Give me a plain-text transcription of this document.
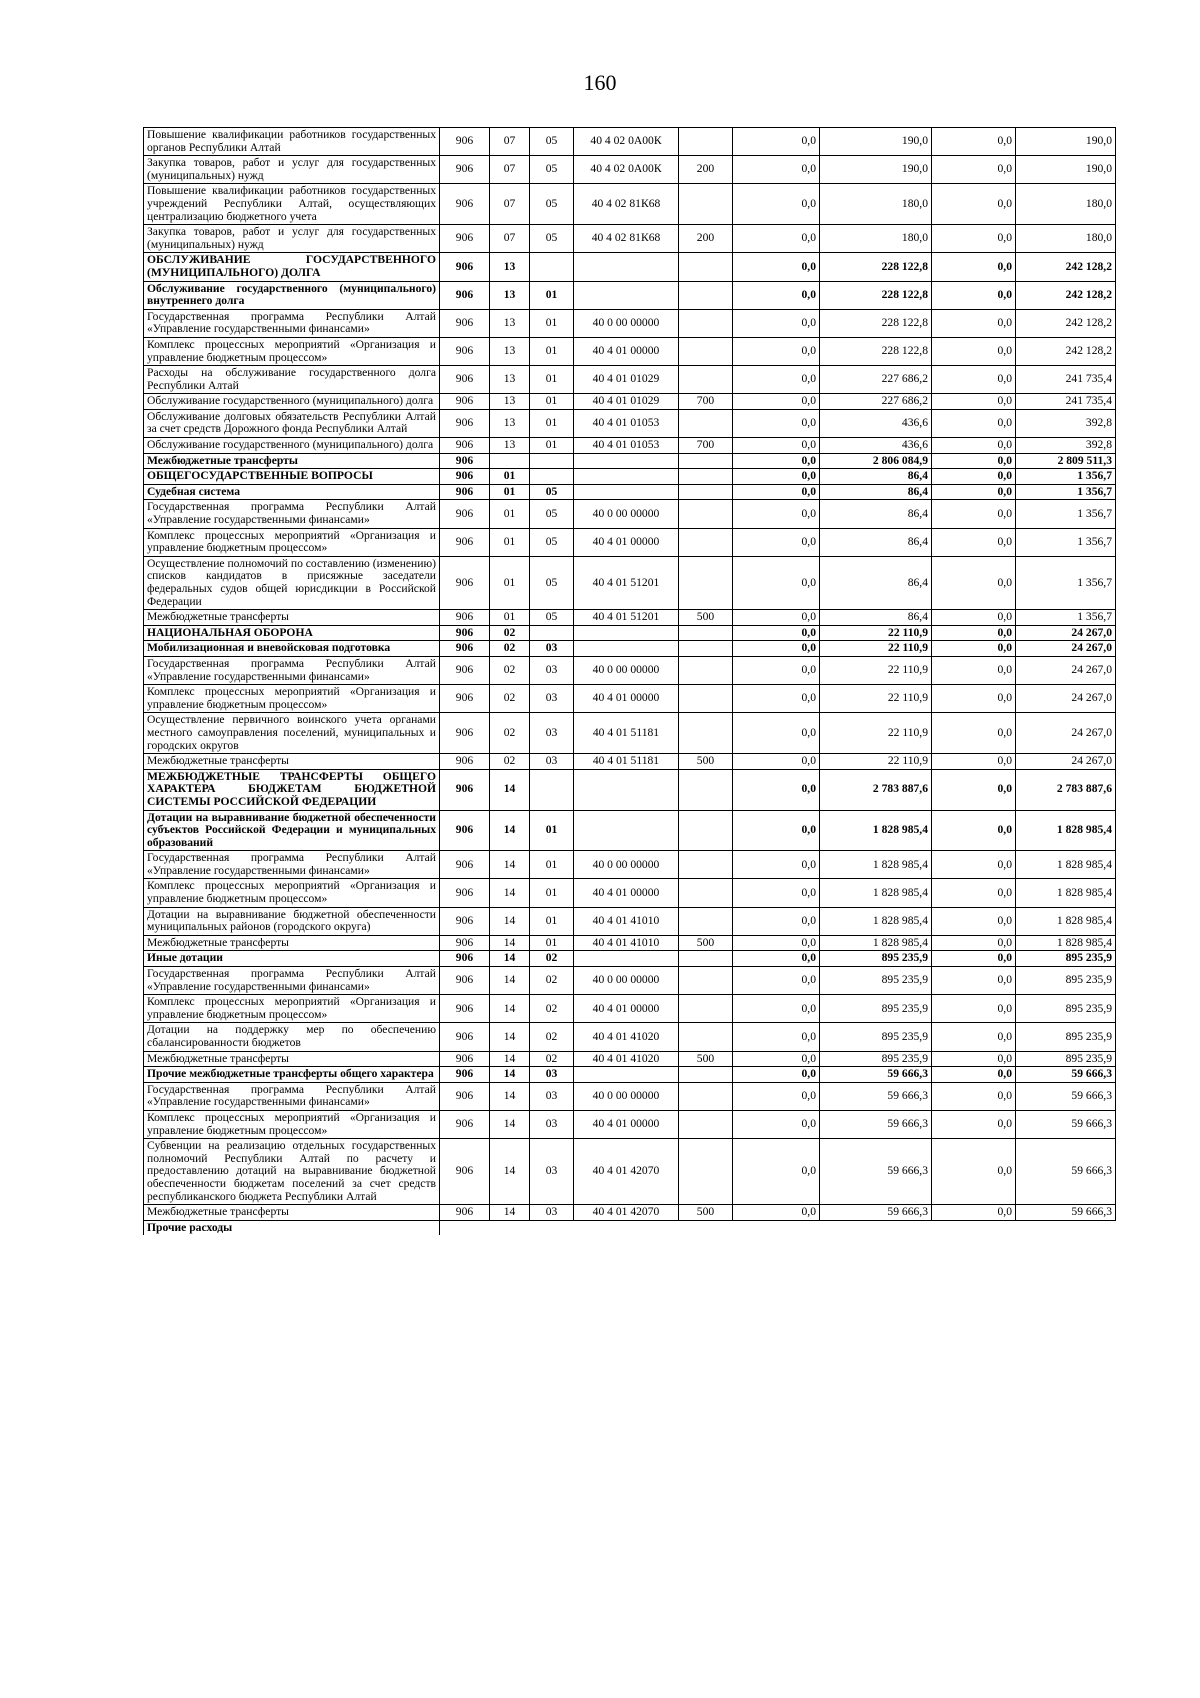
160
Повышение квалификации работников государственных органов Республики Алтай	906	07	05	40 4 02 0А00К		0,0	190,0	0,0	190,0
Закупка товаров, работ и услуг для государственных (муниципальных) нужд	906	07	05	40 4 02 0А00К	200	0,0	190,0	0,0	190,0
Повышение квалификации работников государственных учреждений Республики Алтай, осуществляющих централизацию бюджетного учета	906	07	05	40 4 02 81К68		0,0	180,0	0,0	180,0
Закупка товаров, работ и услуг для государственных (муниципальных) нужд	906	07	05	40 4 02 81К68	200	0,0	180,0	0,0	180,0
ОБСЛУЖИВАНИЕ ГОСУДАРСТВЕННОГО (МУНИЦИПАЛЬНОГО) ДОЛГА	906	13				0,0	228 122,8	0,0	242 128,2
Обслуживание государственного (муниципального) внутреннего долга	906	13	01			0,0	228 122,8	0,0	242 128,2
Государственная программа Республики Алтай «Управление государственными финансами»	906	13	01	40 0 00 00000		0,0	228 122,8	0,0	242 128,2
Комплекс процессных мероприятий «Организация и управление бюджетным процессом»	906	13	01	40 4 01 00000		0,0	228 122,8	0,0	242 128,2
Расходы на обслуживание государственного долга Республики Алтай	906	13	01	40 4 01 01029		0,0	227 686,2	0,0	241 735,4
Обслуживание государственного (муниципального) долга	906	13	01	40 4 01 01029	700	0,0	227 686,2	0,0	241 735,4
Обслуживание долговых обязательств Республики Алтай за счет средств Дорожного фонда Республики Алтай	906	13	01	40 4 01 01053		0,0	436,6	0,0	392,8
Обслуживание государственного (муниципального) долга	906	13	01	40 4 01 01053	700	0,0	436,6	0,0	392,8
Межбюджетные трансферты	906					0,0	2 806 084,9	0,0	2 809 511,3
ОБЩЕГОСУДАРСТВЕННЫЕ ВОПРОСЫ	906	01				0,0	86,4	0,0	1 356,7
Судебная система	906	01	05			0,0	86,4	0,0	1 356,7
Государственная программа Республики Алтай «Управление государственными финансами»	906	01	05	40 0 00 00000		0,0	86,4	0,0	1 356,7
Комплекс процессных мероприятий «Организация и управление бюджетным процессом»	906	01	05	40 4 01 00000		0,0	86,4	0,0	1 356,7
Осуществление полномочий по составлению (изменению) списков кандидатов в присяжные заседатели федеральных судов общей юрисдикции в Российской Федерации	906	01	05	40 4 01 51201		0,0	86,4	0,0	1 356,7
Межбюджетные трансферты	906	01	05	40 4 01 51201	500	0,0	86,4	0,0	1 356,7
НАЦИОНАЛЬНАЯ ОБОРОНА	906	02				0,0	22 110,9	0,0	24 267,0
Мобилизационная и вневойсковая подготовка	906	02	03			0,0	22 110,9	0,0	24 267,0
Государственная программа Республики Алтай «Управление государственными финансами»	906	02	03	40 0 00 00000		0,0	22 110,9	0,0	24 267,0
Комплекс процессных мероприятий «Организация и управление бюджетным процессом»	906	02	03	40 4 01 00000		0,0	22 110,9	0,0	24 267,0
Осуществление первичного воинского учета органами местного самоуправления поселений, муниципальных и городских округов	906	02	03	40 4 01 51181		0,0	22 110,9	0,0	24 267,0
Межбюджетные трансферты	906	02	03	40 4 01 51181	500	0,0	22 110,9	0,0	24 267,0
МЕЖБЮДЖЕТНЫЕ ТРАНСФЕРТЫ ОБЩЕГО ХАРАКТЕРА БЮДЖЕТАМ БЮДЖЕТНОЙ СИСТЕМЫ РОССИЙСКОЙ ФЕДЕРАЦИИ	906	14				0,0	2 783 887,6	0,0	2 783 887,6
Дотации на выравнивание бюджетной обеспеченности субъектов Российской Федерации и муниципальных образований	906	14	01			0,0	1 828 985,4	0,0	1 828 985,4
Государственная программа Республики Алтай «Управление государственными финансами»	906	14	01	40 0 00 00000		0,0	1 828 985,4	0,0	1 828 985,4
Комплекс процессных мероприятий «Организация и управление бюджетным процессом»	906	14	01	40 4 01 00000		0,0	1 828 985,4	0,0	1 828 985,4
Дотации на выравнивание бюджетной обеспеченности муниципальных районов (городского округа)	906	14	01	40 4 01 41010		0,0	1 828 985,4	0,0	1 828 985,4
Межбюджетные трансферты	906	14	01	40 4 01 41010	500	0,0	1 828 985,4	0,0	1 828 985,4
Иные дотации	906	14	02			0,0	895 235,9	0,0	895 235,9
Государственная программа Республики Алтай «Управление государственными финансами»	906	14	02	40 0 00 00000		0,0	895 235,9	0,0	895 235,9
Комплекс процессных мероприятий «Организация и управление бюджетным процессом»	906	14	02	40 4 01 00000		0,0	895 235,9	0,0	895 235,9
Дотации на поддержку мер по обеспечению сбалансированности бюджетов	906	14	02	40 4 01 41020		0,0	895 235,9	0,0	895 235,9
Межбюджетные трансферты	906	14	02	40 4 01 41020	500	0,0	895 235,9	0,0	895 235,9
Прочие межбюджетные трансферты общего характера	906	14	03			0,0	59 666,3	0,0	59 666,3
Государственная программа Республики Алтай «Управление государственными финансами»	906	14	03	40 0 00 00000		0,0	59 666,3	0,0	59 666,3
Комплекс процессных мероприятий «Организация и управление бюджетным процессом»	906	14	03	40 4 01 00000		0,0	59 666,3	0,0	59 666,3
Субвенции на реализацию отдельных государственных полномочий Республики Алтай по расчету и предоставлению дотаций на выравнивание бюджетной обеспеченности бюджетам поселений за счет средств республиканского бюджета Республики Алтай	906	14	03	40 4 01 42070		0,0	59 666,3	0,0	59 666,3
Межбюджетные трансферты	906	14	03	40 4 01 42070	500	0,0	59 666,3	0,0	59 666,3
Прочие расходы									
